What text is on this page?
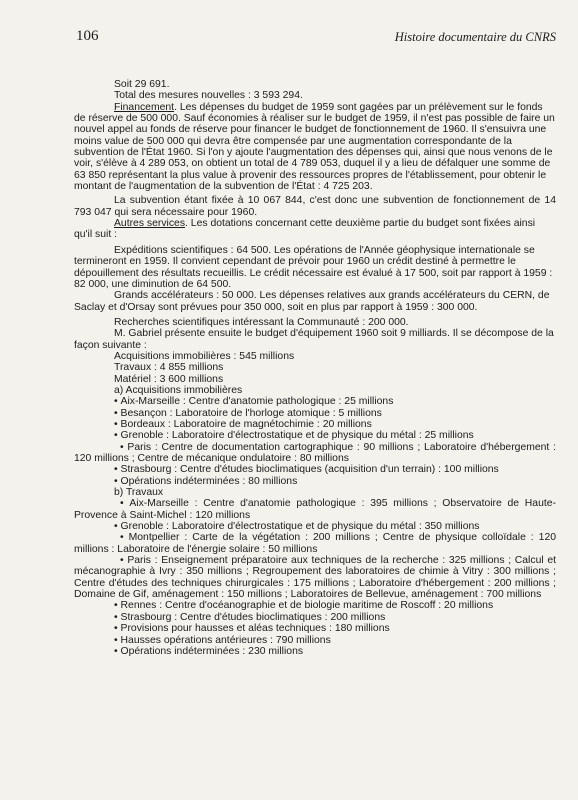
106	Histoire documentaire du CNRS

Soit 29 691.

Total des mesures nouvelles : 3 593 294.

Financement. Les dépenses du budget de 1959 sont gagées par un prélèvement sur le fonds de réserve de 500 000. Sauf économies à réaliser sur le budget de 1959, il n'est pas possible de faire un nouvel appel au fonds de réserve pour financer le budget de fonctionnement de 1960. Il s'ensuivra une moins value de 500 000 qui devra être compensée par une augmentation correspondante de la subvention de l'État 1960. Si l'on y ajoute l'augmentation des dépenses qui, ainsi que nous venons de le voir, s'élève à 4 289 053, on obtient un total de 4 789 053, duquel il y a lieu de défalquer une somme de 63 850 représentant la plus value à provenir des ressources propres de l'établissement, pour obtenir le montant de l'augmentation de la subvention de l'État : 4 725 203.

La subvention étant fixée à 10 067 844, c'est donc une subvention de fonctionnement de 14 793 047 qui sera nécessaire pour 1960.

Autres services. Les dotations concernant cette deuxième partie du budget sont fixées ainsi qu'il suit :

Expéditions scientifiques : 64 500. Les opérations de l'Année géophysique internationale se termineront en 1959. Il convient cependant de prévoir pour 1960 un crédit destiné à permettre le dépouillement des résultats recueillis. Le crédit nécessaire est évalué à 17 500, soit par rapport à 1959 : 82 000, une diminution de 64 500.

Grands accélérateurs : 50 000. Les dépenses relatives aux grands accélérateurs du CERN, de Saclay et d'Orsay sont prévues pour 350 000, soit en plus par rapport à 1959 : 300 000.

Recherches scientifiques intéressant la Communauté : 200 000.

M. Gabriel présente ensuite le budget d'équipement 1960 soit 9 milliards. Il se décompose de la façon suivante :

Acquisitions immobilières : 545 millions

Travaux : 4 855 millions

Matériel : 3 600 millions

a) Acquisitions immobilières

• Aix-Marseille : Centre d'anatomie pathologique : 25 millions

• Besançon : Laboratoire de l'horloge atomique : 5 millions

• Bordeaux : Laboratoire de magnétochimie : 20 millions

• Grenoble : Laboratoire d'électrostatique et de physique du métal : 25 millions

• Paris : Centre de documentation cartographique : 90 millions ; Laboratoire d'hébergement : 120 millions ; Centre de mécanique ondulatoire : 80 millions

• Strasbourg : Centre d'études bioclimatiques (acquisition d'un terrain) : 100 millions

• Opérations indéterminées : 80 millions

b) Travaux

• Aix-Marseille : Centre d'anatomie pathologique : 395 millions ; Observatoire de Haute-Provence à Saint-Michel : 120 millions

• Grenoble : Laboratoire d'électrostatique et de physique du métal : 350 millions

• Montpellier : Carte de la végétation : 200 millions ; Centre de physique colloïdale : 120 millions : Laboratoire de l'énergie solaire : 50 millions

• Paris : Enseignement préparatoire aux techniques de la recherche : 325 millions ; Calcul et mécanographie à Ivry : 350 millions ; Regroupement des laboratoires de chimie à Vitry : 300 millions ; Centre d'études des techniques chirurgicales : 175 millions ; Laboratoire d'hébergement : 200 millions ; Domaine de Gif, aménagement : 150 millions ; Laboratoires de Bellevue, aménagement : 700 millions

• Rennes : Centre d'océanographie et de biologie maritime de Roscoff : 20 millions

• Strasbourg : Centre d'études bioclimatiques : 200 millions

• Provisions pour hausses et aléas techniques : 180 millions

• Hausses opérations antérieures : 790 millions

• Opérations indéterminées : 230 millions
